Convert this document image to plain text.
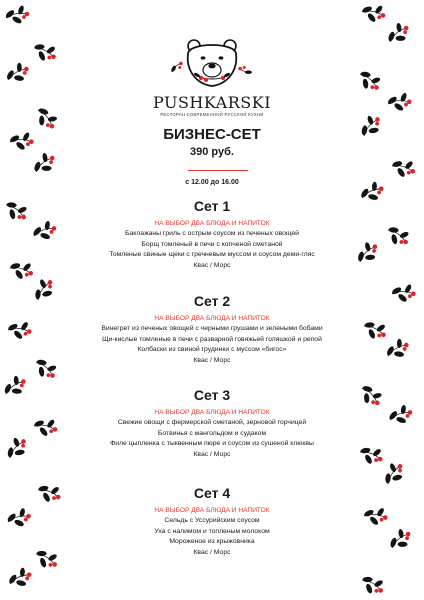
PUSHKARSKI
РЕСТОРАН СОВРЕМЕННОЙ РУССКОЙ КУХНИ
БИЗНЕС-СЕТ
390 руб.
с 12.00 до 16.00
Сет 1
НА ВЫБОР ДВА БЛЮДА И НАПИТОК
Баклажаны гриль с острым соусом из печеных овощей
Борщ томленый в печи с копченой сметаной
Томленые свиные щеки с гречневым муссом и соусом деми-гляс
Квас / Морс
Сет 2
НА ВЫБОР ДВА БЛЮДА И НАПИТОК
Винегрет из печеных овощей с черными грушами и зелеными бобами
Щи-кислые томленые в печи с разварной говяжьей голяшкой и репой
Колбаски из свиной грудинки с муссом «бигос»
Квас / Морс
Сет 3
НА ВЫБОР ДВА БЛЮДА И НАПИТОК
Свежие овощи с фермерской сметаной, зерновой горчицей
Ботвинья с мангольдом и судаком
Филе цыпленка с тыквенным пюре и соусом из сушеной клюквы
Квас / Морс
Сет 4
НА ВЫБОР ДВА БЛЮДА И НАПИТОК
Сельдь с Уссурийским соусом
Уха с налимом и топленым молоком
Мороженое из крыжовника
Квас / Морс
